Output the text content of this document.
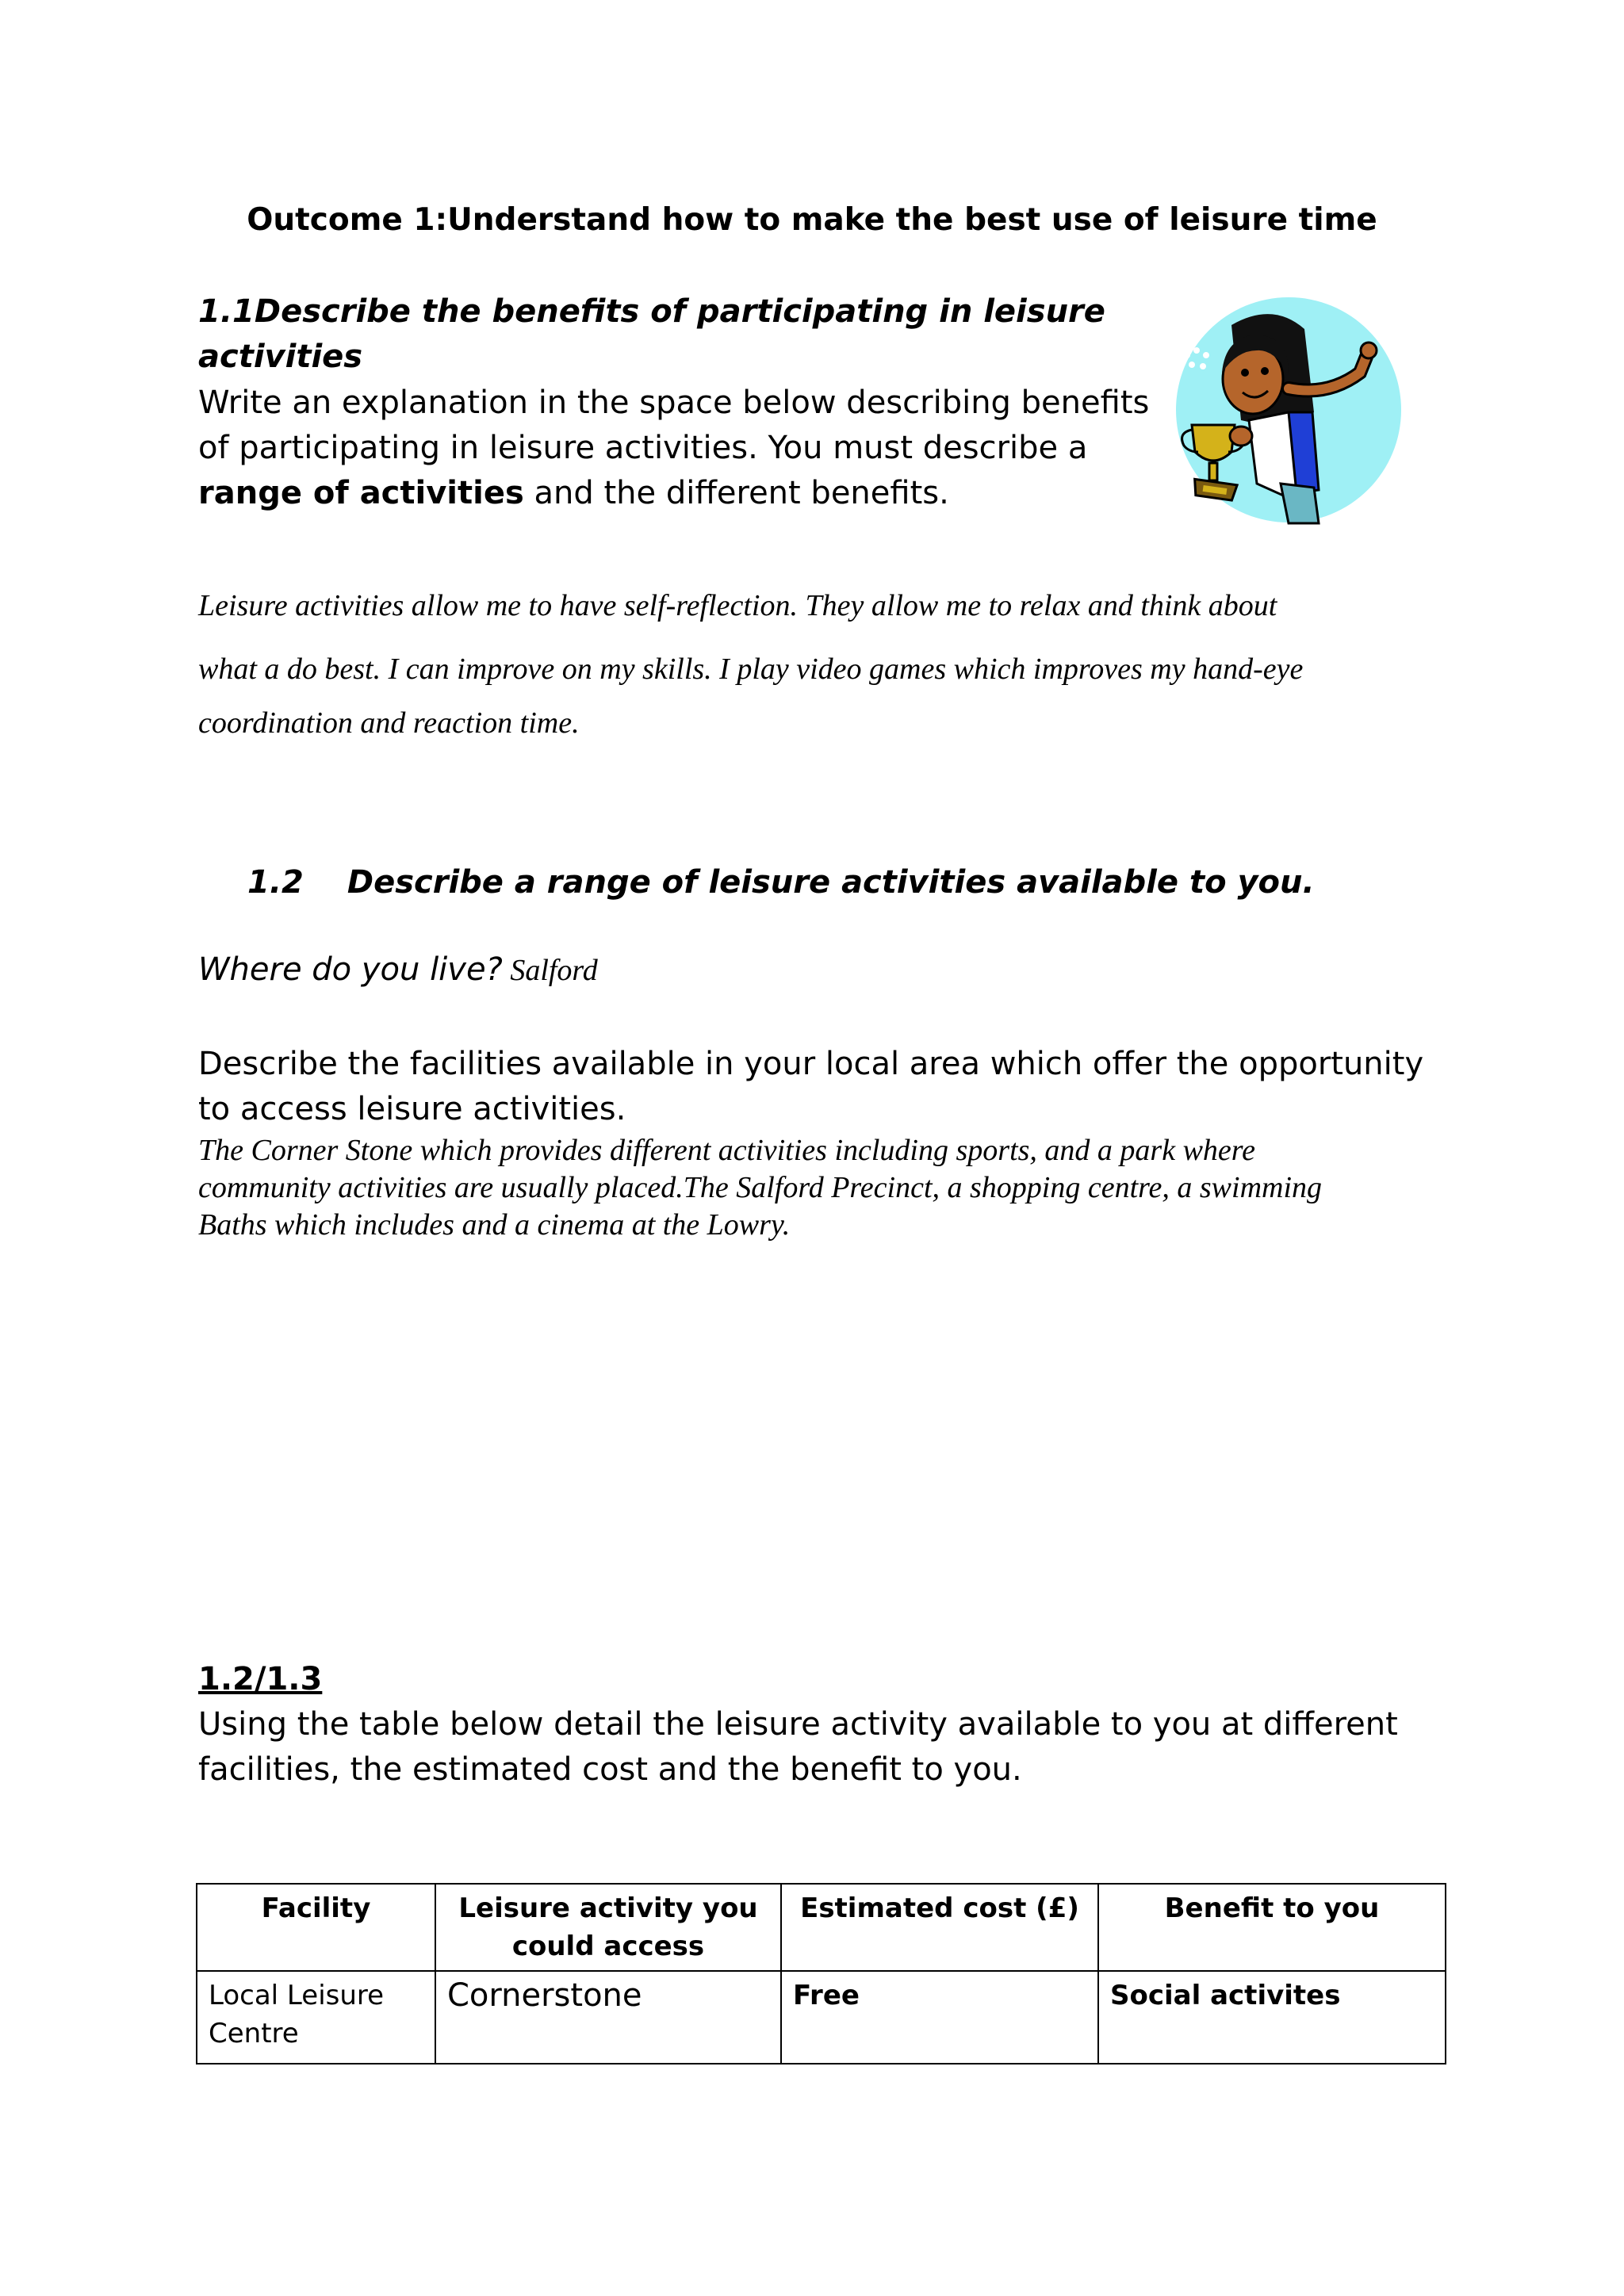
Outcome 1:Understand how to make the best use of leisure time
1.1Describe the benefits of participating in leisure
activities
Write an explanation in the space below describing benefits
of participating in leisure activities. You must describe a
range of activities and the different benefits.
Leisure activities allow me to have self-reflection. They allow me to relax and think about
what a do best. I can improve on my skills. I play video games which improves my hand-eye
coordination and reaction time.
1.2 Describe a range of leisure activities available to you.
Where do you live? Salford
Describe the facilities available in your local area which offer the opportunity
to access leisure activities.
The Corner Stone which provides different activities including sports, and a park where
community activities are usually placed.The Salford Precinct, a shopping centre, a swimming
Baths which includes and a cinema at the Lowry.
1.2/1.3
Using the table below detail the leisure activity available to you at different
facilities, the estimated cost and the benefit to you.
Facility	Leisure activity you could access	Estimated cost (£)	Benefit to you
Local Leisure Centre	Cornerstone	Free	Social activites
